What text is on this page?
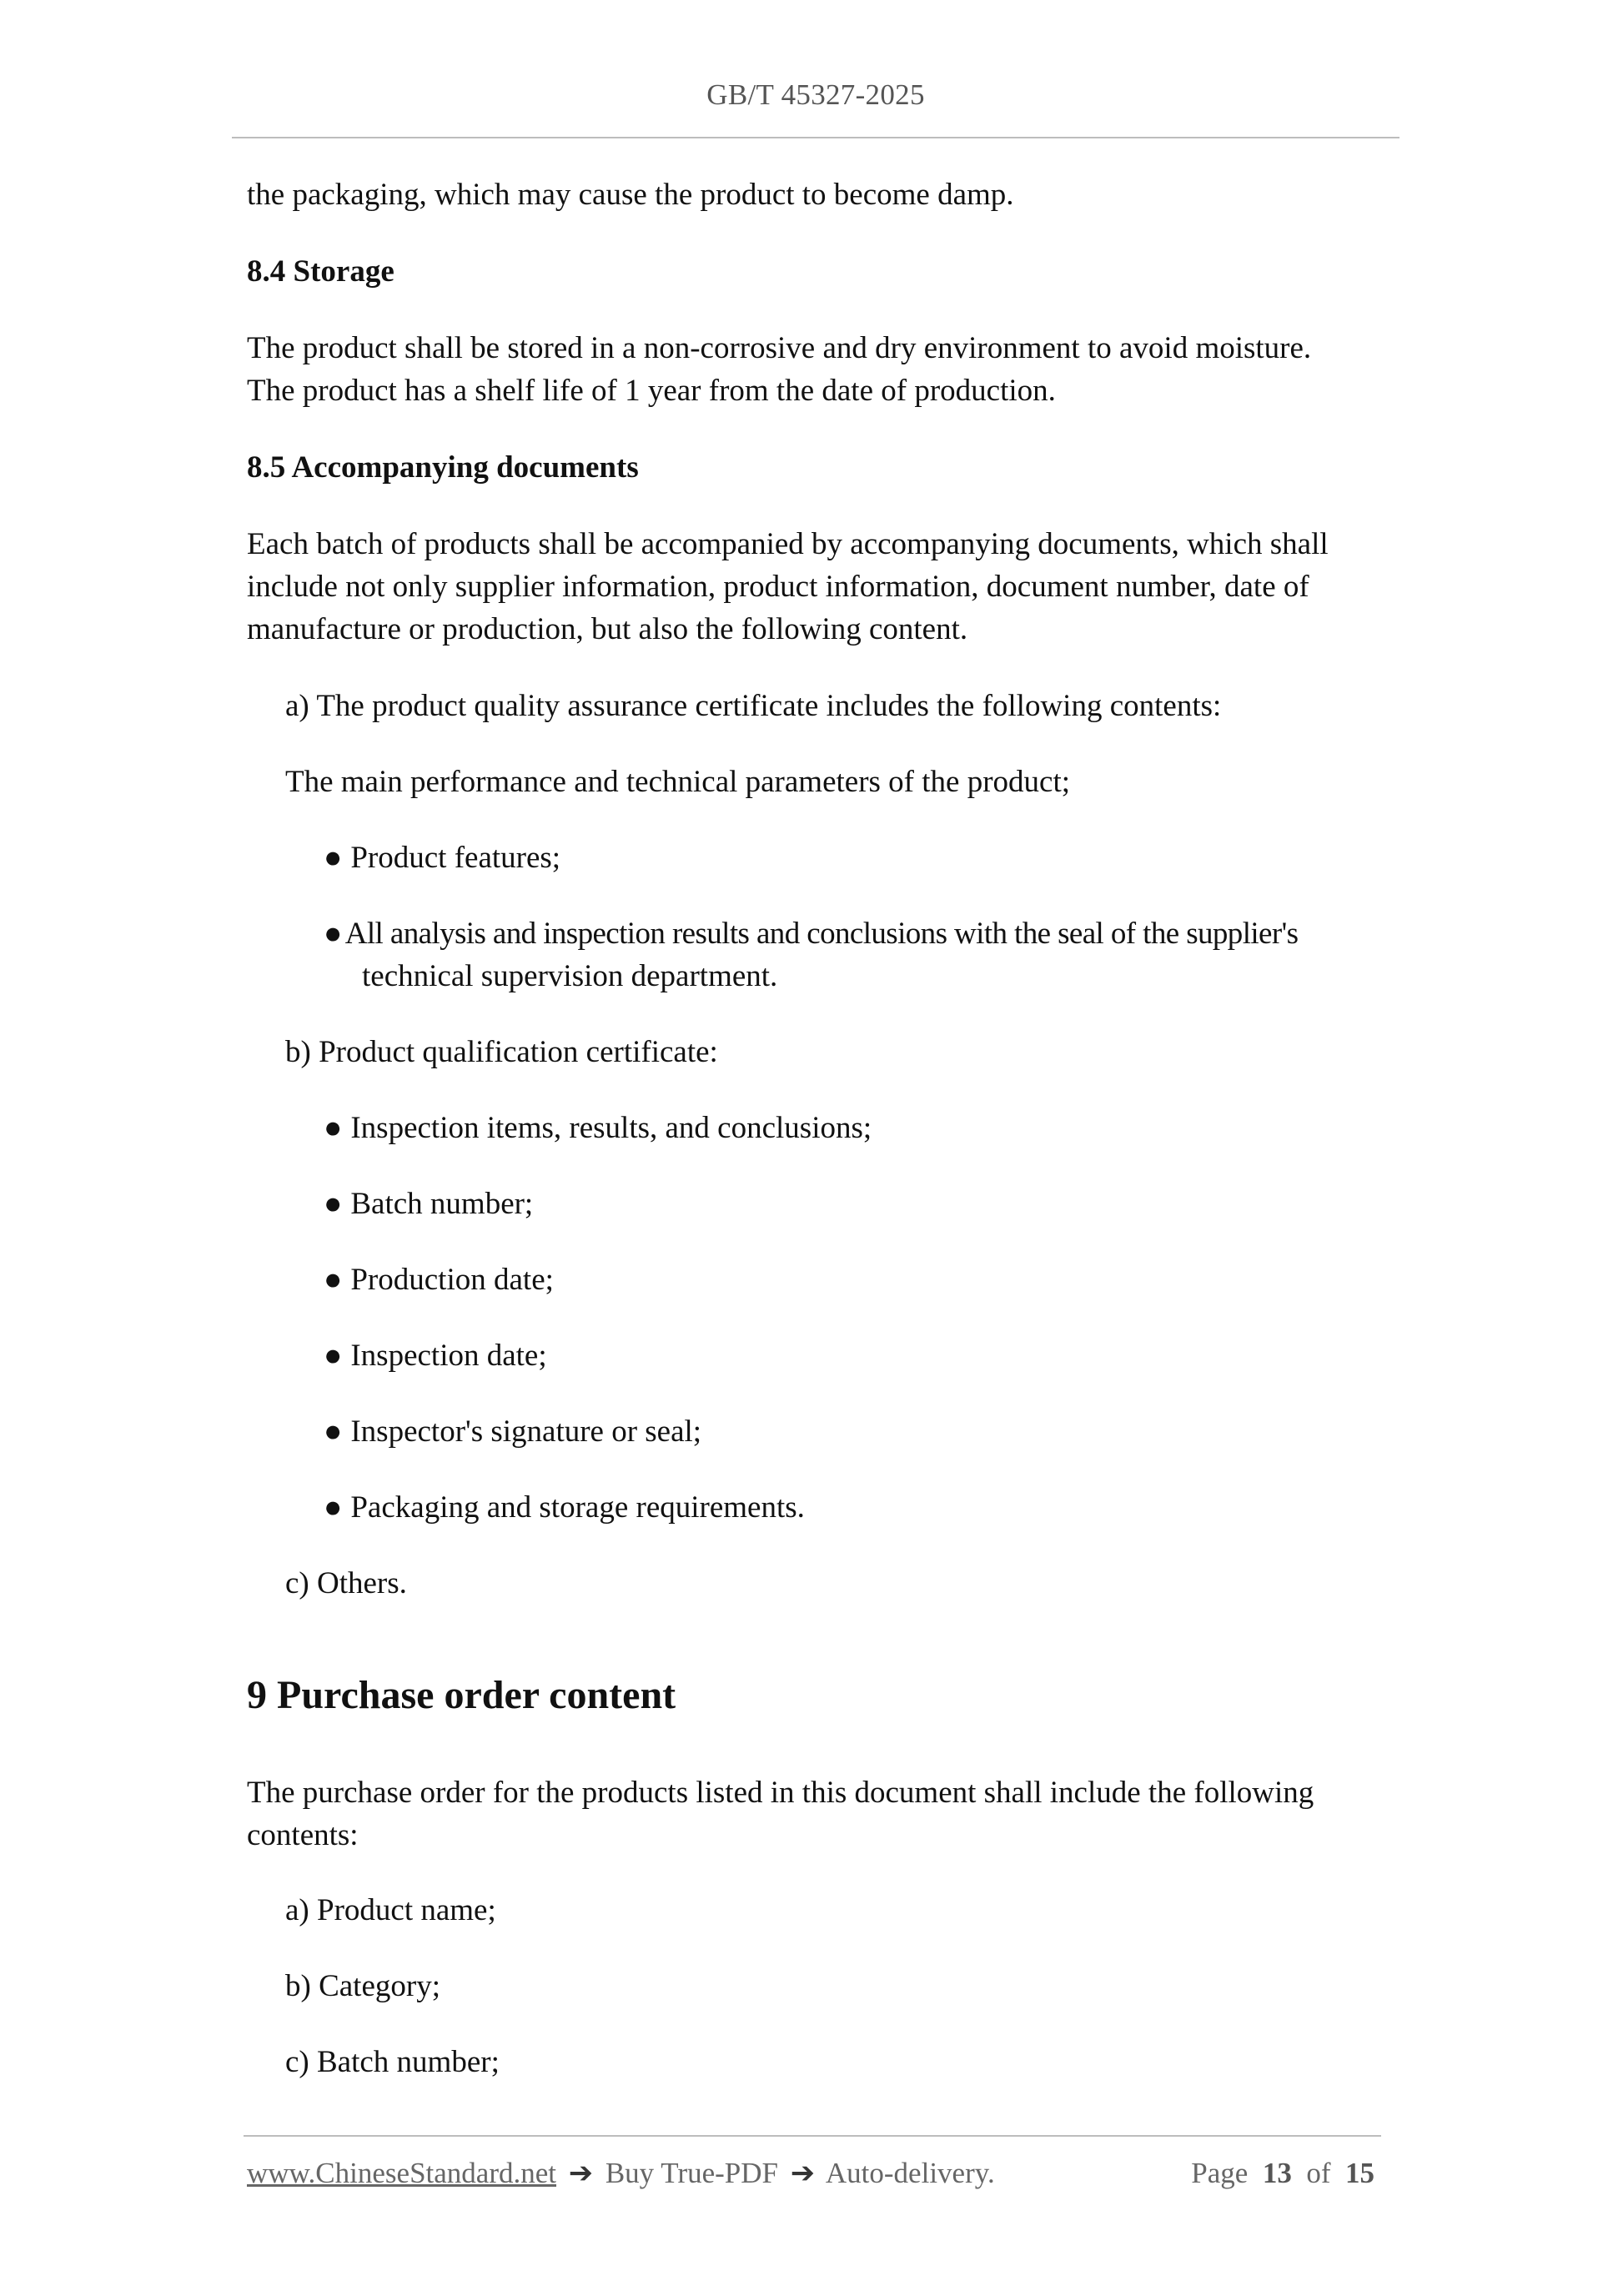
GB/T 45327-2025
the packaging, which may cause the product to become damp.
8.4 Storage
The product shall be stored in a non-corrosive and dry environment to avoid moisture.
The product has a shelf life of 1 year from the date of production.
8.5 Accompanying documents
Each batch of products shall be accompanied by accompanying documents, which shall
include not only supplier information, product information, document number, date of
manufacture or production, but also the following content.
a) The product quality assurance certificate includes the following contents:
The main performance and technical parameters of the product;
● Product features;
● All analysis and inspection results and conclusions with the seal of the supplier's
technical supervision department.
b) Product qualification certificate:
● Inspection items, results, and conclusions;
● Batch number;
● Production date;
● Inspection date;
● Inspector's signature or seal;
● Packaging and storage requirements.
c) Others.
9 Purchase order content
The purchase order for the products listed in this document shall include the following
contents:
a) Product name;
b) Category;
c) Batch number;
www.ChineseStandard.net ➔ Buy True-PDF ➔ Auto-delivery.	Page 13 of 15
